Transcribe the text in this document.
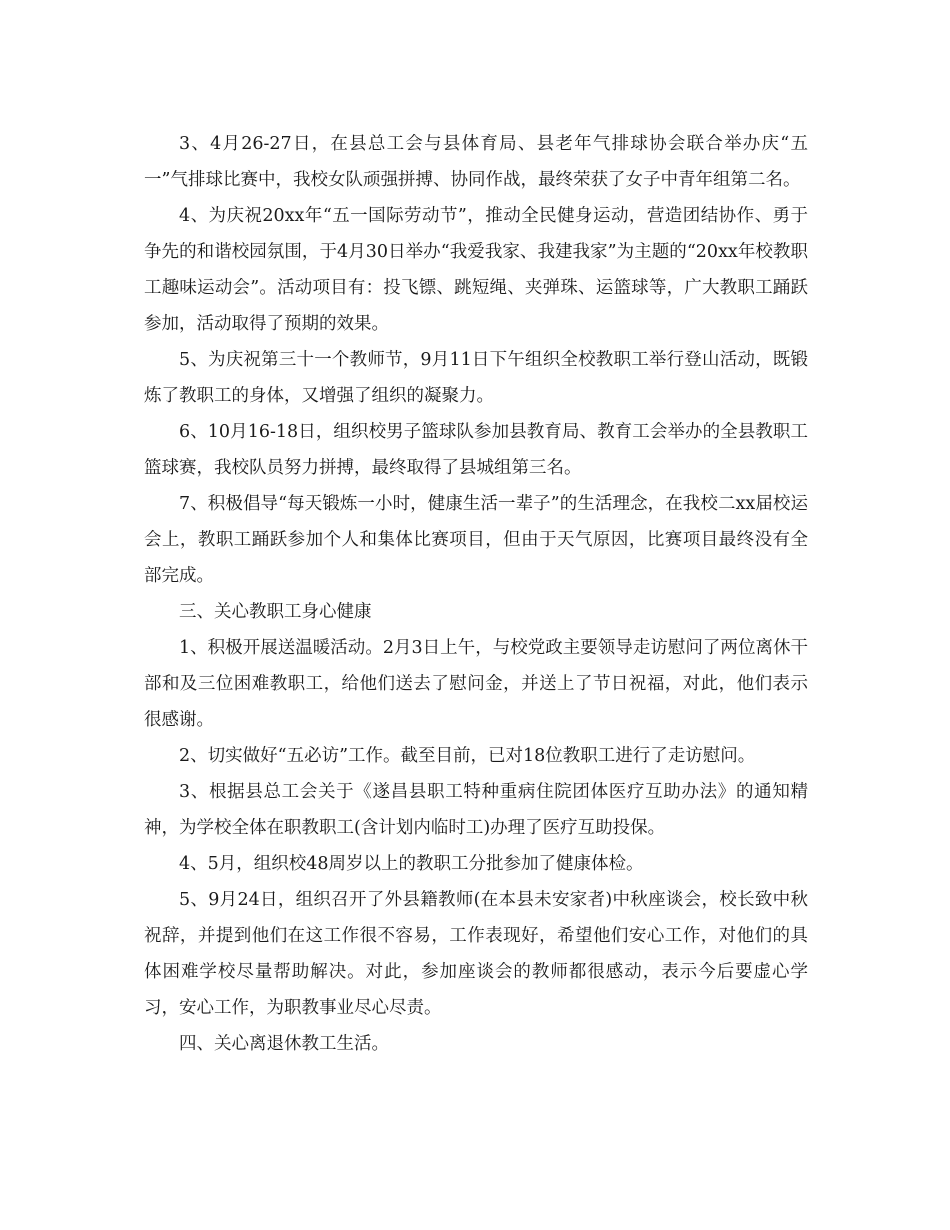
3、4月26-27日，在县总工会与县体育局、县老年气排球协会联合举办庆“五一”气排球比赛中，我校女队顽强拼搏、协同作战，最终荣获了女子中青年组第二名。

4、为庆祝20xx年“五一国际劳动节”，推动全民健身运动，营造团结协作、勇于争先的和谐校园氛围，于4月30日举办“我爱我家、我建我家”为主题的“20xx年校教职工趣味运动会”。活动项目有：投飞镖、跳短绳、夹弹珠、运篮球等，广大教职工踊跃参加，活动取得了预期的效果。

5、为庆祝第三十一个教师节，9月11日下午组织全校教职工举行登山活动，既锻炼了教职工的身体，又增强了组织的凝聚力。

6、10月16-18日，组织校男子篮球队参加县教育局、教育工会举办的全县教职工篮球赛，我校队员努力拼搏，最终取得了县城组第三名。

7、积极倡导“每天锻炼一小时，健康生活一辈子”的生活理念，在我校二xx届校运会上，教职工踊跃参加个人和集体比赛项目，但由于天气原因，比赛项目最终没有全部完成。

三、关心教职工身心健康

1、积极开展送温暖活动。2月3日上午，与校党政主要领导走访慰问了两位离休干部和及三位困难教职工，给他们送去了慰问金，并送上了节日祝福，对此，他们表示很感谢。

2、切实做好“五必访”工作。截至目前，已对18位教职工进行了走访慰问。

3、根据县总工会关于《遂昌县职工特种重病住院团体医疗互助办法》的通知精神，为学校全体在职教职工(含计划内临时工)办理了医疗互助投保。

4、5月，组织校48周岁以上的教职工分批参加了健康体检。

5、9月24日，组织召开了外县籍教师(在本县未安家者)中秋座谈会，校长致中秋祝辞，并提到他们在这工作很不容易，工作表现好，希望他们安心工作，对他们的具体困难学校尽量帮助解决。对此，参加座谈会的教师都很感动，表示今后要虚心学习，安心工作，为职教事业尽心尽责。

四、关心离退休教工生活。
